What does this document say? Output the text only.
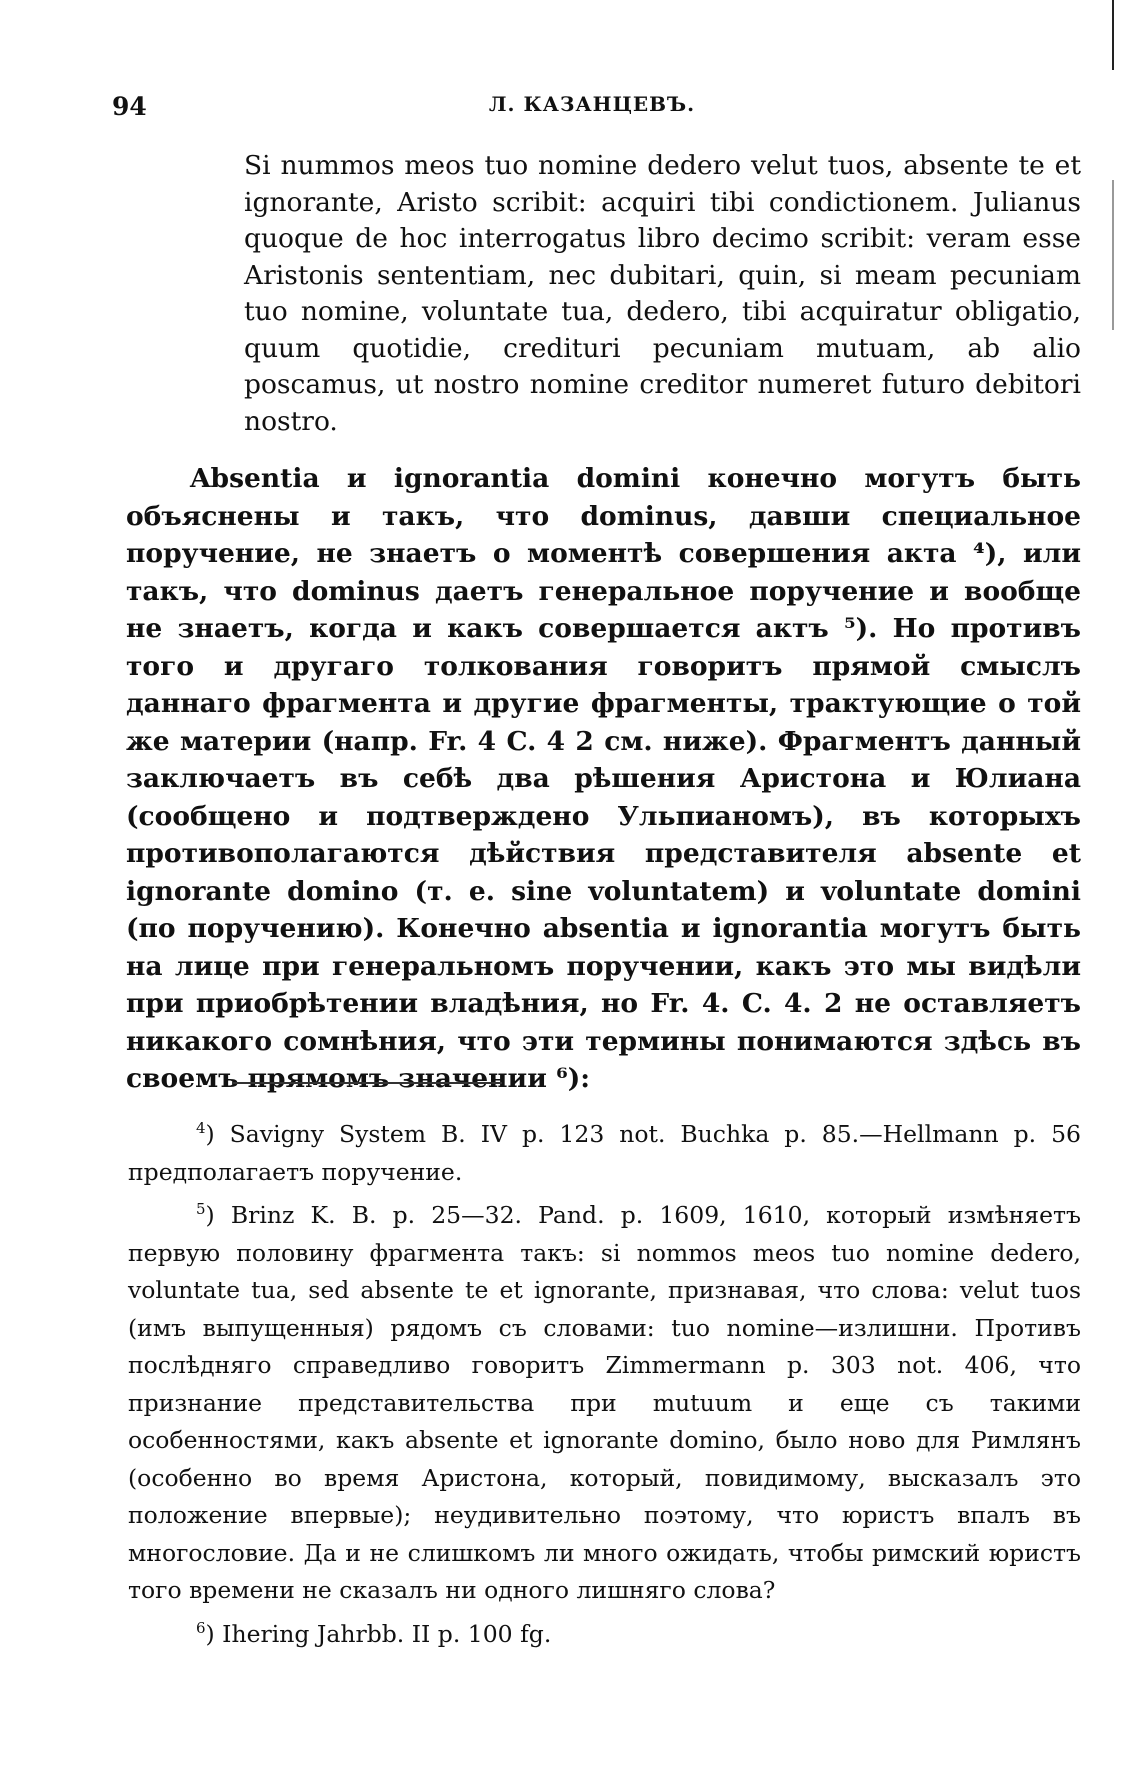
94	Л. КАЗАНЦЕВЪ.

Si nummos meos tuo nomine dedero velut tuos, absente te et ignorante, Aristo scribit: acquiri tibi condictionem. Julianus quoque de hoc interrogatus libro decimo scribit: veram esse Aristonis sententiam, nec dubitari, quin, si meam pecuniam tuo nomine, voluntate tua, dedero, tibi acquiratur obligatio, quum quotidie, credituri pecuniam mutuam, ab alio poscamus, ut nostro nomine creditor numeret futuro debitori nostro.

Absentia и ignorantia domini конечно могутъ быть объяснены и такъ, что dominus, давши специальное поручение, не знаетъ о моментѣ совершения акта ⁴), или такъ, что dominus даетъ генеральное поручение и вообще не знаетъ, когда и какъ совершается актъ ⁵). Но противъ того и другаго толкования говоритъ прямой смыслъ даннаго фрагмента и другие фрагменты, трактующие о той же материи (напр. Fr. 4 C. 4 2 см. ниже). Фрагментъ данный заключаетъ въ себѣ два рѣшения Аристона и Юлиана (сообщено и подтверждено Ульпианомъ), въ которыхъ противополагаются дѣйствия представителя absente et ignorante domino (т. е. sine voluntatem) и voluntate domini (по поручению). Конечно absentia и ignorantia могутъ быть на лице при генеральномъ поручении, какъ это мы видѣли при приобрѣтении владѣния, но Fr. 4. C. 4. 2 не оставляетъ никакого сомнѣния, что эти термины понимаются здѣсь въ своемъ прямомъ значении ⁶):

$^4$) Savigny System B. IV p. 123 not. Buchka p. 85.—Hellmann p. 56 предполагаетъ поручение.

$^5$) Brinz K. B. p. 25—32. Pand. p. 1609, 1610, который измѣняетъ первую половину фрагмента такъ: si nommos meos tuo nomine dedero, voluntate tua, sed absente te et ignorante, признавая, что слова: velut tuos (имъ выпущенныя) рядомъ съ словами: tuo nomine—излишни. Противъ послѣдняго справедливо говоритъ Zimmermann p. 303 not. 406, что признание представительства при mutuum и еще съ такими особенностями, какъ absente et ignorante domino, было ново для Римлянъ (особенно во время Аристона, который, повидимому, высказалъ это положение впервые); неудивительно поэтому, что юристъ впалъ въ многословие. Да и не слишкомъ ли много ожидать, чтобы римский юристъ того времени не сказалъ ни одного лишняго слова?

$^6$) Ihering Jahrbb. II p. 100 fg.
